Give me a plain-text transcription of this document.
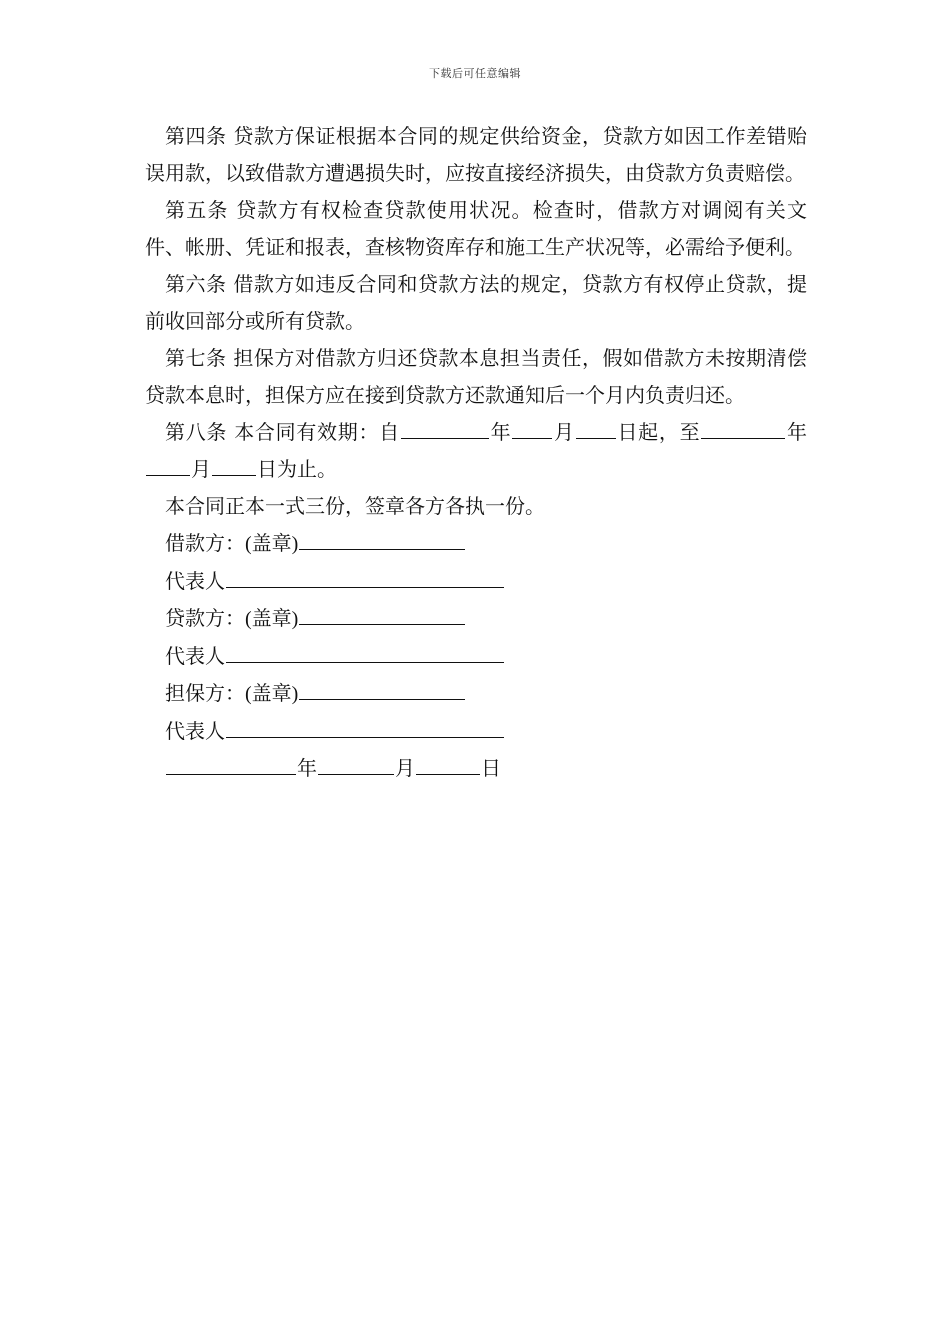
下载后可任意编辑

第四条 贷款方保证根据本合同的规定供给资金，贷款方如因工作差错贻误用款，以致借款方遭遇损失时，应按直接经济损失，由贷款方负责赔偿。

第五条 贷款方有权检查贷款使用状况。检查时，借款方对调阅有关文件、帐册、凭证和报表，查核物资库存和施工生产状况等，必需给予便利。

第六条 借款方如违反合同和贷款方法的规定，贷款方有权停止贷款，提前收回部分或所有贷款。

第七条 担保方对借款方归还贷款本息担当责任，假如借款方未按期清偿贷款本息时，担保方应在接到贷款方还款通知后一个月内负责归还。

第八条 本合同有效期：自	年 月 日起，至	年月 日为止。

本合同正本一式三份，签章各方各执一份。

借款方：(盖章)

代表人

贷款方：(盖章)

代表人

担保方：(盖章)

代表人

年	月	日
